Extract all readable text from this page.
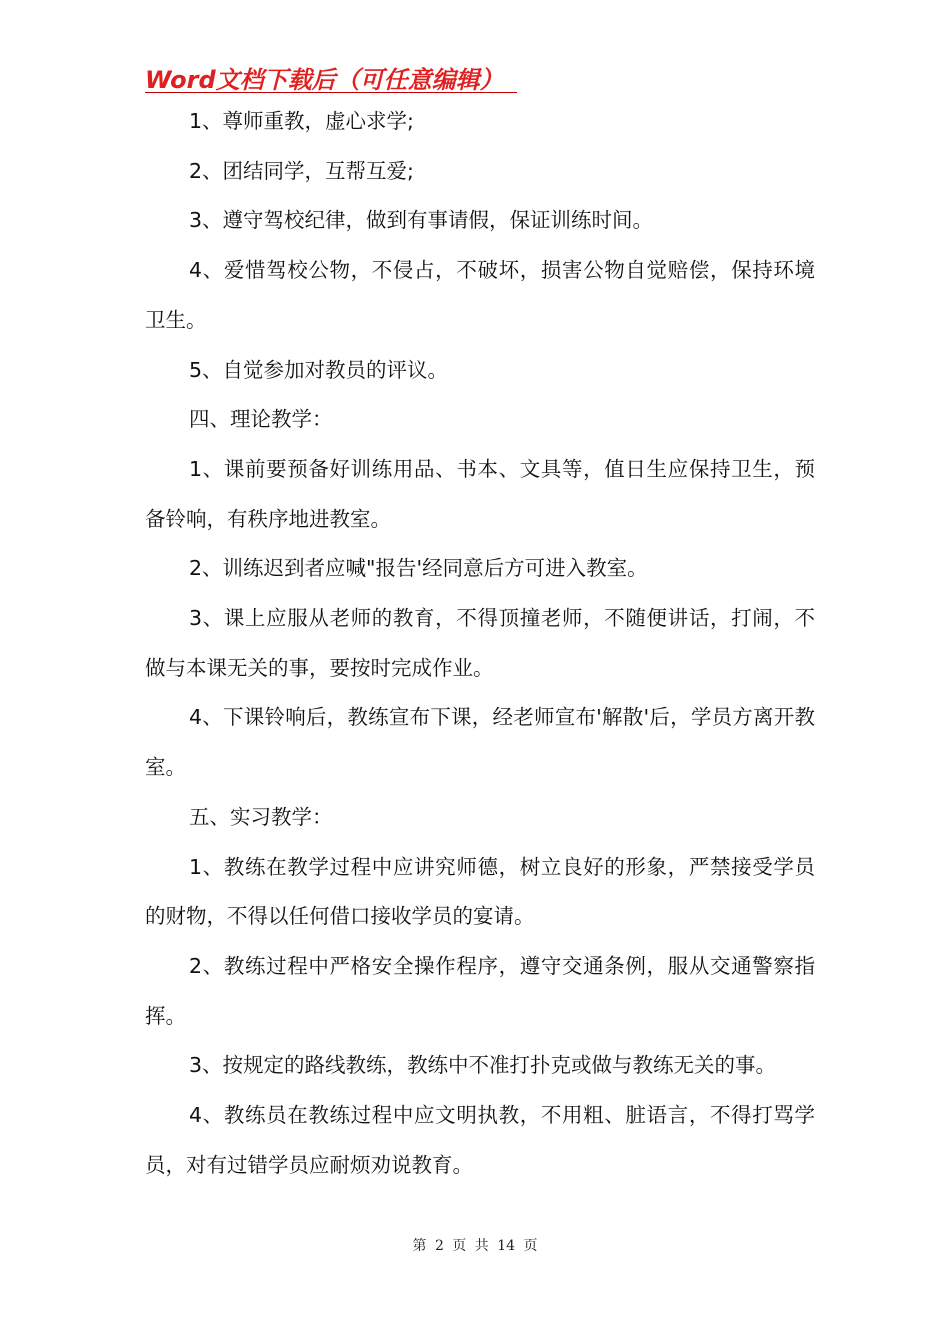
Word文档下载后（可任意编辑）

1、尊师重教，虚心求学;

2、团结同学，互帮互爱;

3、遵守驾校纪律，做到有事请假，保证训练时间。

4、爱惜驾校公物，不侵占，不破坏，损害公物自觉赔偿，保持环境卫生。

5、自觉参加对教员的评议。

四、理论教学：

1、课前要预备好训练用品、书本、文具等，值日生应保持卫生，预备铃响，有秩序地进教室。

2、训练迟到者应喊"报告'经同意后方可进入教室。

3、课上应服从老师的教育，不得顶撞老师，不随便讲话，打闹，不做与本课无关的事，要按时完成作业。

4、下课铃响后，教练宣布下课，经老师宣布'解散'后，学员方离开教室。

五、实习教学：

1、教练在教学过程中应讲究师德，树立良好的形象，严禁接受学员的财物，不得以任何借口接收学员的宴请。

2、教练过程中严格安全操作程序，遵守交通条例，服从交通警察指挥。

3、按规定的路线教练，教练中不准打扑克或做与教练无关的事。

4、教练员在教练过程中应文明执教，不用粗、脏语言，不得打骂学员，对有过错学员应耐烦劝说教育。

第 2 页 共 14 页
